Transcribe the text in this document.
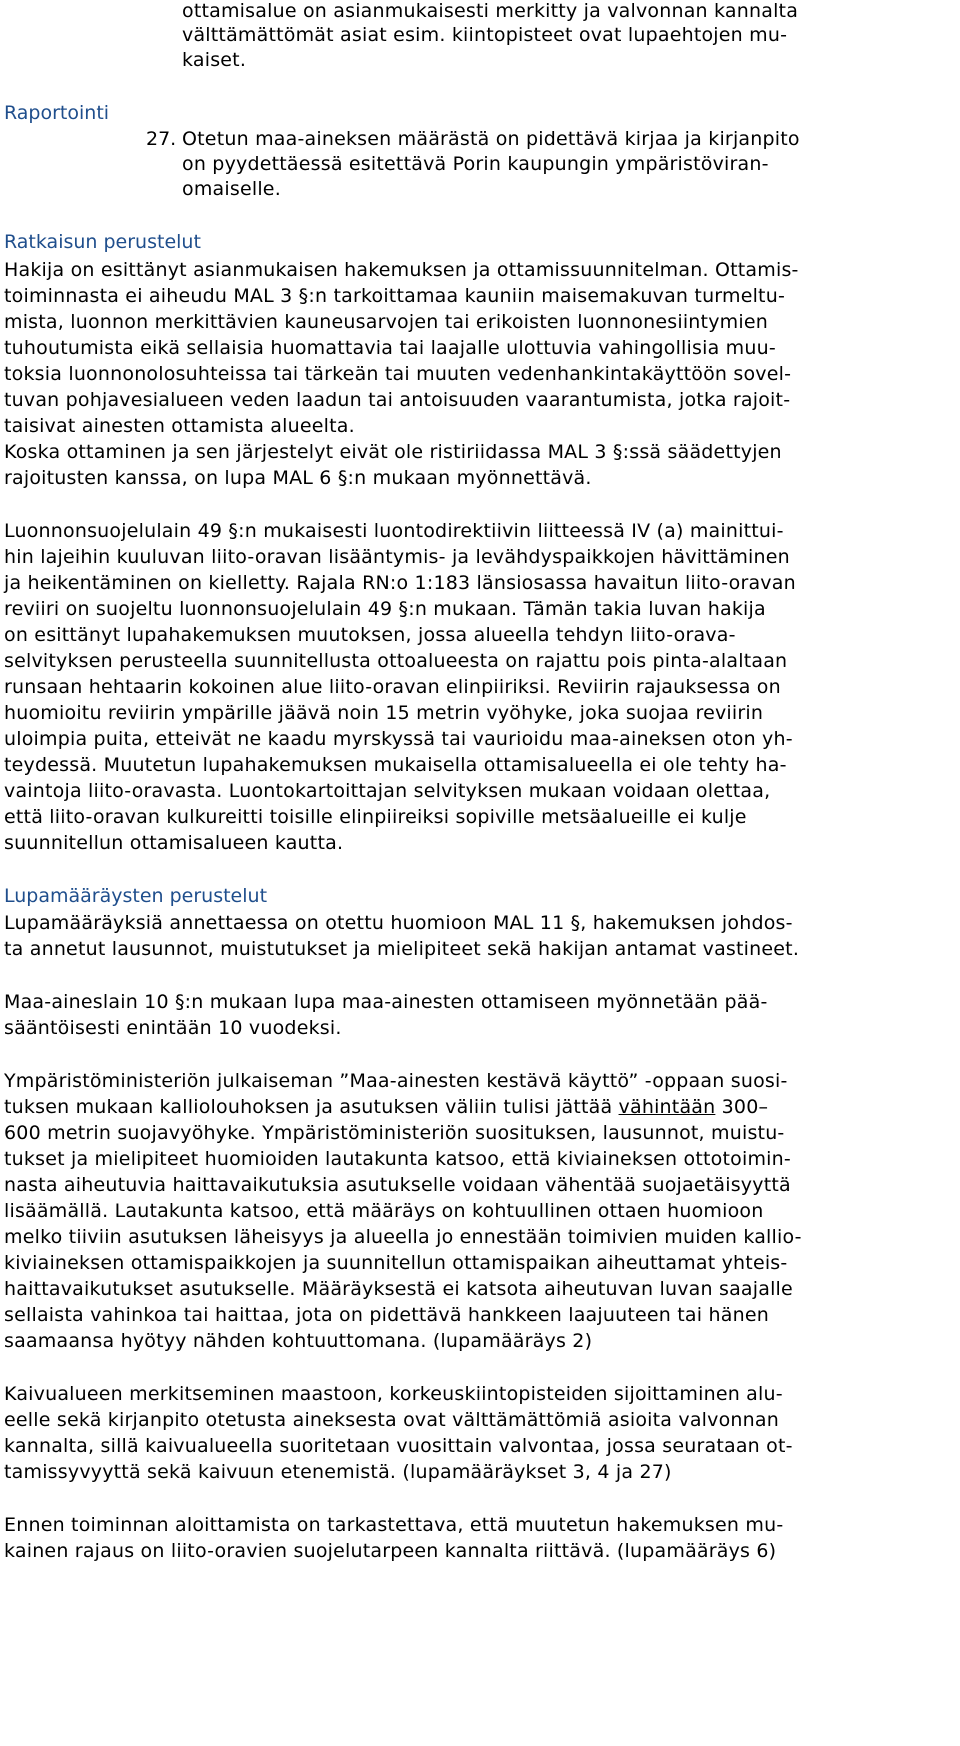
ottamisalue on asianmukaisesti merkitty ja valvonnan kannalta
välttämättömät asiat esim. kiintopisteet ovat lupaehtojen mu-
kaiset.
Raportointi
27. Otetun maa-aineksen määrästä on pidettävä kirjaa ja kirjanpito
on pyydettäessä esitettävä Porin kaupungin ympäristöviran-
omaiselle.
Ratkaisun perustelut
Hakija on esittänyt asianmukaisen hakemuksen ja ottamissuunnitelman. Ottamis-
toiminnasta ei aiheudu MAL 3 §:n tarkoittamaa kauniin maisemakuvan turmeltu-
mista, luonnon merkittävien kauneusarvojen tai erikoisten luonnonesiintymien
tuhoutumista eikä sellaisia huomattavia tai laajalle ulottuvia vahingollisia muu-
toksia luonnonolosuhteissa tai tärkeän tai muuten vedenhankintakäyttöön sovel-
tuvan pohjavesialueen veden laadun tai antoisuuden vaarantumista, jotka rajoit-
taisivat ainesten ottamista alueelta.
Koska ottaminen ja sen järjestelyt eivät ole ristiriidassa MAL 3 §:ssä säädettyjen
rajoitusten kanssa, on lupa MAL 6 §:n mukaan myönnettävä.
Luonnonsuojelulain 49 §:n mukaisesti luontodirektiivin liitteessä IV (a) mainittui-
hin lajeihin kuuluvan liito-oravan lisääntymis- ja levähdyspaikkojen hävittäminen
ja heikentäminen on kielletty. Rajala RN:o 1:183 länsiosassa havaitun liito-oravan
reviiri on suojeltu luonnonsuojelulain 49 §:n mukaan. Tämän takia luvan hakija
on esittänyt lupahakemuksen muutoksen, jossa alueella tehdyn liito-orava-
selvityksen perusteella suunnitellusta ottoalueesta on rajattu pois pinta-alaltaan
runsaan hehtaarin kokoinen alue liito-oravan elinpiiriksi. Reviirin rajauksessa on
huomioitu reviirin ympärille jäävä noin 15 metrin vyöhyke, joka suojaa reviirin
uloimpia puita, etteivät ne kaadu myrskyssä tai vaurioidu maa-aineksen oton yh-
teydessä. Muutetun lupahakemuksen mukaisella ottamisalueella ei ole tehty ha-
vaintoja liito-oravasta. Luontokartoittajan selvityksen mukaan voidaan olettaa,
että liito-oravan kulkureitti toisille elinpiireiksi sopiville metsäalueille ei kulje
suunnitellun ottamisalueen kautta.
Lupamääräysten perustelut
Lupamääräyksiä annettaessa on otettu huomioon MAL 11 §, hakemuksen johdos-
ta annetut lausunnot, muistutukset ja mielipiteet sekä hakijan antamat vastineet.
Maa-aineslain 10 §:n mukaan lupa maa-ainesten ottamiseen myönnetään pää-
sääntöisesti enintään 10 vuodeksi.
Ympäristöministeriön julkaiseman ”Maa-ainesten kestävä käyttö” -oppaan suosi-
tuksen mukaan kalliolouhoksen ja asutuksen väliin tulisi jättää vähintään 300–
600 metrin suojavyöhyke. Ympäristöministeriön suosituksen, lausunnot, muistu-
tukset ja mielipiteet huomioiden lautakunta katsoo, että kiviaineksen ottotoimin-
nasta aiheutuvia haittavaikutuksia asutukselle voidaan vähentää suojaetäisyyttä
lisäämällä. Lautakunta katsoo, että määräys on kohtuullinen ottaen huomioon
melko tiiviin asutuksen läheisyys ja alueella jo ennestään toimivien muiden kallio-
kiviaineksen ottamispaikkojen ja suunnitellun ottamispaikan aiheuttamat yhteis-
haittavaikutukset asutukselle. Määräyksestä ei katsota aiheutuvan luvan saajalle
sellaista vahinkoa tai haittaa, jota on pidettävä hankkeen laajuuteen tai hänen
saamaansa hyötyy nähden kohtuuttomana. (lupamääräys 2)
Kaivualueen merkitseminen maastoon, korkeuskiintopisteiden sijoittaminen alu-
eelle sekä kirjanpito otetusta aineksesta ovat välttämättömiä asioita valvonnan
kannalta, sillä kaivualueella suoritetaan vuosittain valvontaa, jossa seurataan ot-
tamissyvyyttä sekä kaivuun etenemistä. (lupamääräykset 3, 4 ja 27)
Ennen toiminnan aloittamista on tarkastettava, että muutetun hakemuksen mu-
kainen rajaus on liito-oravien suojelutarpeen kannalta riittävä. (lupamääräys 6)
